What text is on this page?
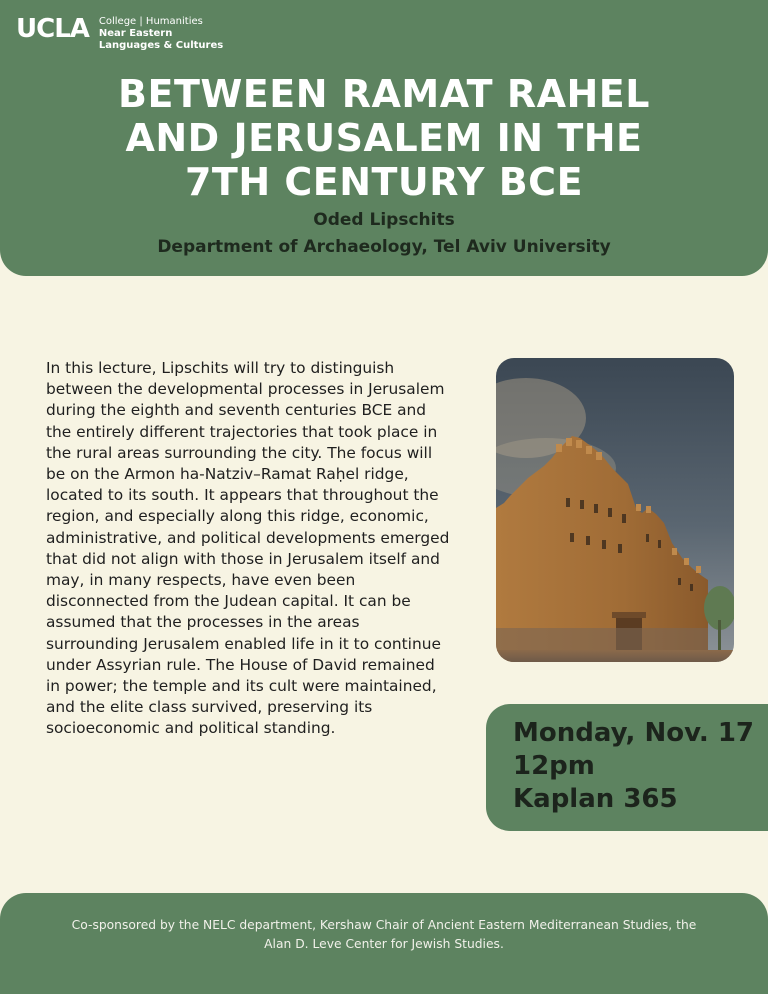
UCLA College | Humanities
Near Eastern
Languages & Cultures
BETWEEN RAMAT RAHEL
AND JERUSALEM IN THE
7TH CENTURY BCE
Oded Lipschits
Department of Archaeology, Tel Aviv University

In this lecture, Lipschits will try to distinguish between the developmental processes in Jerusalem during the eighth and seventh centuries BCE and the entirely different trajectories that took place in the rural areas surrounding the city. The focus will be on the Armon ha-Natziv–Ramat Raḥel ridge, located to its south. It appears that throughout the region, and especially along this ridge, economic, administrative, and political developments emerged that did not align with those in Jerusalem itself and may, in many respects, have even been disconnected from the Judean capital. It can be assumed that the processes in the areas surrounding Jerusalem enabled life in it to continue under Assyrian rule. The House of David remained in power; the temple and its cult were maintained, and the elite class survived, preserving its socioeconomic and political standing.	Monday, Nov. 17
12pm
Kaplan 365

Co-sponsored by the NELC department, Kershaw Chair of Ancient Eastern Mediterranean Studies, the
Alan D. Leve Center for Jewish Studies.
